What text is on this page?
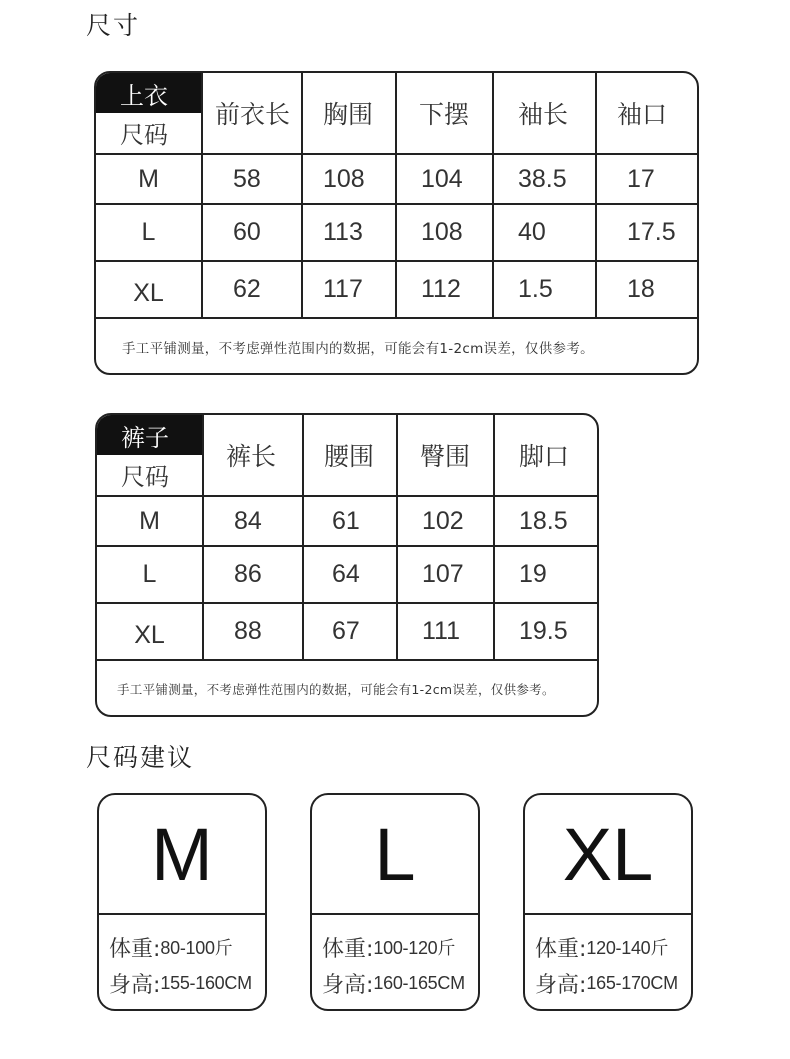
尺寸
上衣
尺码
前衣长	胸围	下摆	袖长	袖口
M	58	108	104	38.5	17
L	60	113	108	40	17.5
XL	62	117	112	1.5	18
手工平铺测量，不考虑弹性范围内的数据，可能会有1-2cm误差，仅供参考。
裤子
尺码
裤长	腰围	臀围	脚口
M	84	61	102	18.5
L	86	64	107	19
XL	88	67	111	19.5
手工平铺测量，不考虑弹性范围内的数据，可能会有1-2cm误差，仅供参考。
尺码建议
M
体重: 80-100斤
身高: 155-160CM
L
体重: 100-120斤
身高: 160-165CM
XL
体重: 120-140斤
身高: 165-170CM
